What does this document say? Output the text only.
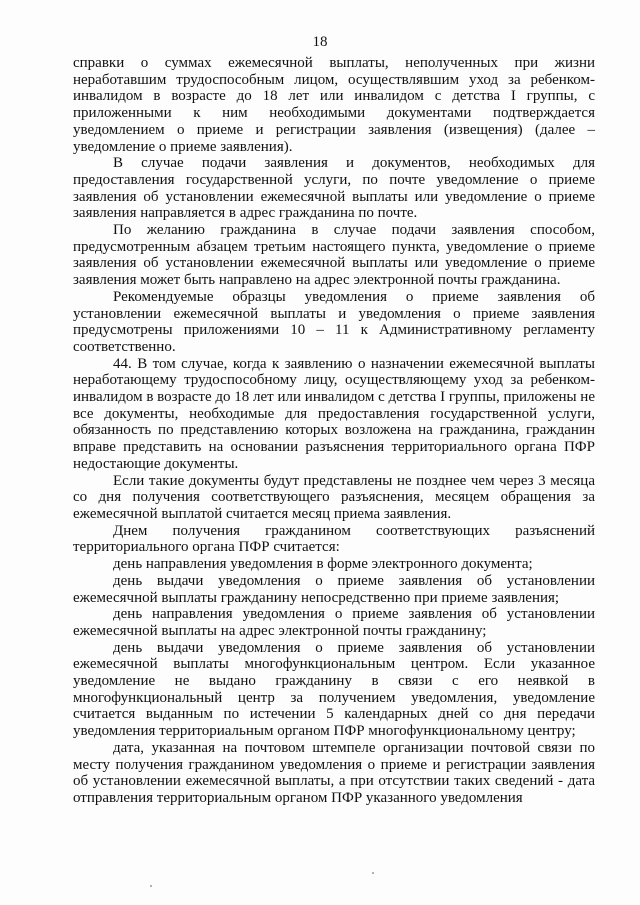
18

справки о суммах ежемесячной выплаты, неполученных при жизни неработавшим трудоспособным лицом, осуществлявшим уход за ребенком-инвалидом в возрасте до 18 лет или инвалидом с детства I группы, с приложенными к ним необходимыми документами подтверждается уведомлением о приеме и регистрации заявления (извещения) (далее – уведомление о приеме заявления).

В случае подачи заявления и документов, необходимых для предоставления государственной услуги, по почте уведомление о приеме заявления об установлении ежемесячной выплаты или уведомление о приеме заявления направляется в адрес гражданина по почте.

По желанию гражданина в случае подачи заявления способом, предусмотренным абзацем третьим настоящего пункта, уведомление о приеме заявления об установлении ежемесячной выплаты или уведомление о приеме заявления может быть направлено на адрес электронной почты гражданина.

Рекомендуемые образцы уведомления о приеме заявления об установлении ежемесячной выплаты и уведомления о приеме заявления предусмотрены приложениями 10 – 11 к Административному регламенту соответственно.

44. В том случае, когда к заявлению о назначении ежемесячной выплаты неработающему трудоспособному лицу, осуществляющему уход за ребенком-инвалидом в возрасте до 18 лет или инвалидом с детства I группы, приложены не все документы, необходимые для предоставления государственной услуги, обязанность по представлению которых возложена на гражданина, гражданин вправе представить на основании разъяснения территориального органа ПФР недостающие документы.

Если такие документы будут представлены не позднее чем через 3 месяца со дня получения соответствующего разъяснения, месяцем обращения за ежемесячной выплатой считается месяц приема заявления.

Днем получения гражданином соответствующих разъяснений территориального органа ПФР считается:

день направления уведомления в форме электронного документа;

день выдачи уведомления о приеме заявления об установлении ежемесячной выплаты гражданину непосредственно при приеме заявления;

день направления уведомления о приеме заявления об установлении ежемесячной выплаты на адрес электронной почты гражданину;

день выдачи уведомления о приеме заявления об установлении ежемесячной выплаты многофункциональным центром. Если указанное уведомление не выдано гражданину в связи с его неявкой в многофункциональный центр за получением уведомления, уведомление считается выданным по истечении 5 календарных дней со дня передачи уведомления территориальным органом ПФР многофункциональному центру;

дата, указанная на почтовом штемпеле организации почтовой связи по месту получения гражданином уведомления о приеме и регистрации заявления об установлении ежемесячной выплаты, а при отсутствии таких сведений - дата отправления территориальным органом ПФР указанного уведомления
